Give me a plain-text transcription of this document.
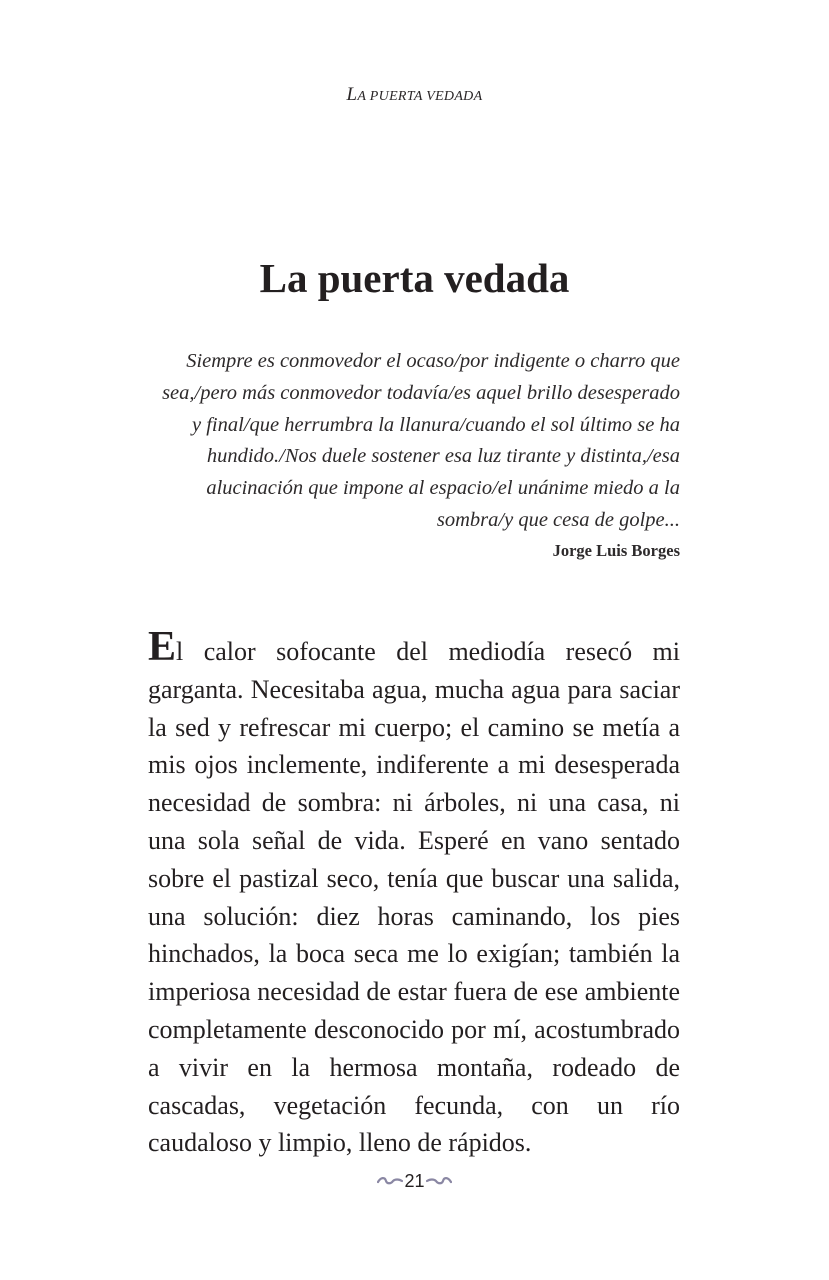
LA PUERTA VEDADA
La puerta vedada
Siempre es conmovedor el ocaso/por indigente o charro que
sea,/pero más conmovedor todavía/es aquel brillo desesperado
y final/que herrumbra la llanura/cuando el sol último se ha
hundido./Nos duele sostener esa luz tirante y distinta,/esa
alucinación que impone al espacio/el unánime miedo a la
sombra/y que cesa de golpe...
Jorge Luis Borges
El calor sofocante del mediodía resecó mi garganta. Necesitaba agua, mucha agua para saciar la sed y refrescar mi cuerpo; el camino se metía a mis ojos inclemente, indiferente a mi desesperada necesidad de sombra: ni árboles, ni una casa, ni una sola señal de vida. Esperé en vano sentado sobre el pastizal seco, tenía que buscar una salida, una solución: diez horas caminando, los pies hinchados, la boca seca me lo exigían; también la imperiosa necesidad de estar fuera de ese ambiente completamente desconocido por mí, acostumbrado a vivir en la hermosa montaña, rodeado de cascadas, vegetación fecunda, con un río caudaloso y limpio, lleno de rápidos.
21
